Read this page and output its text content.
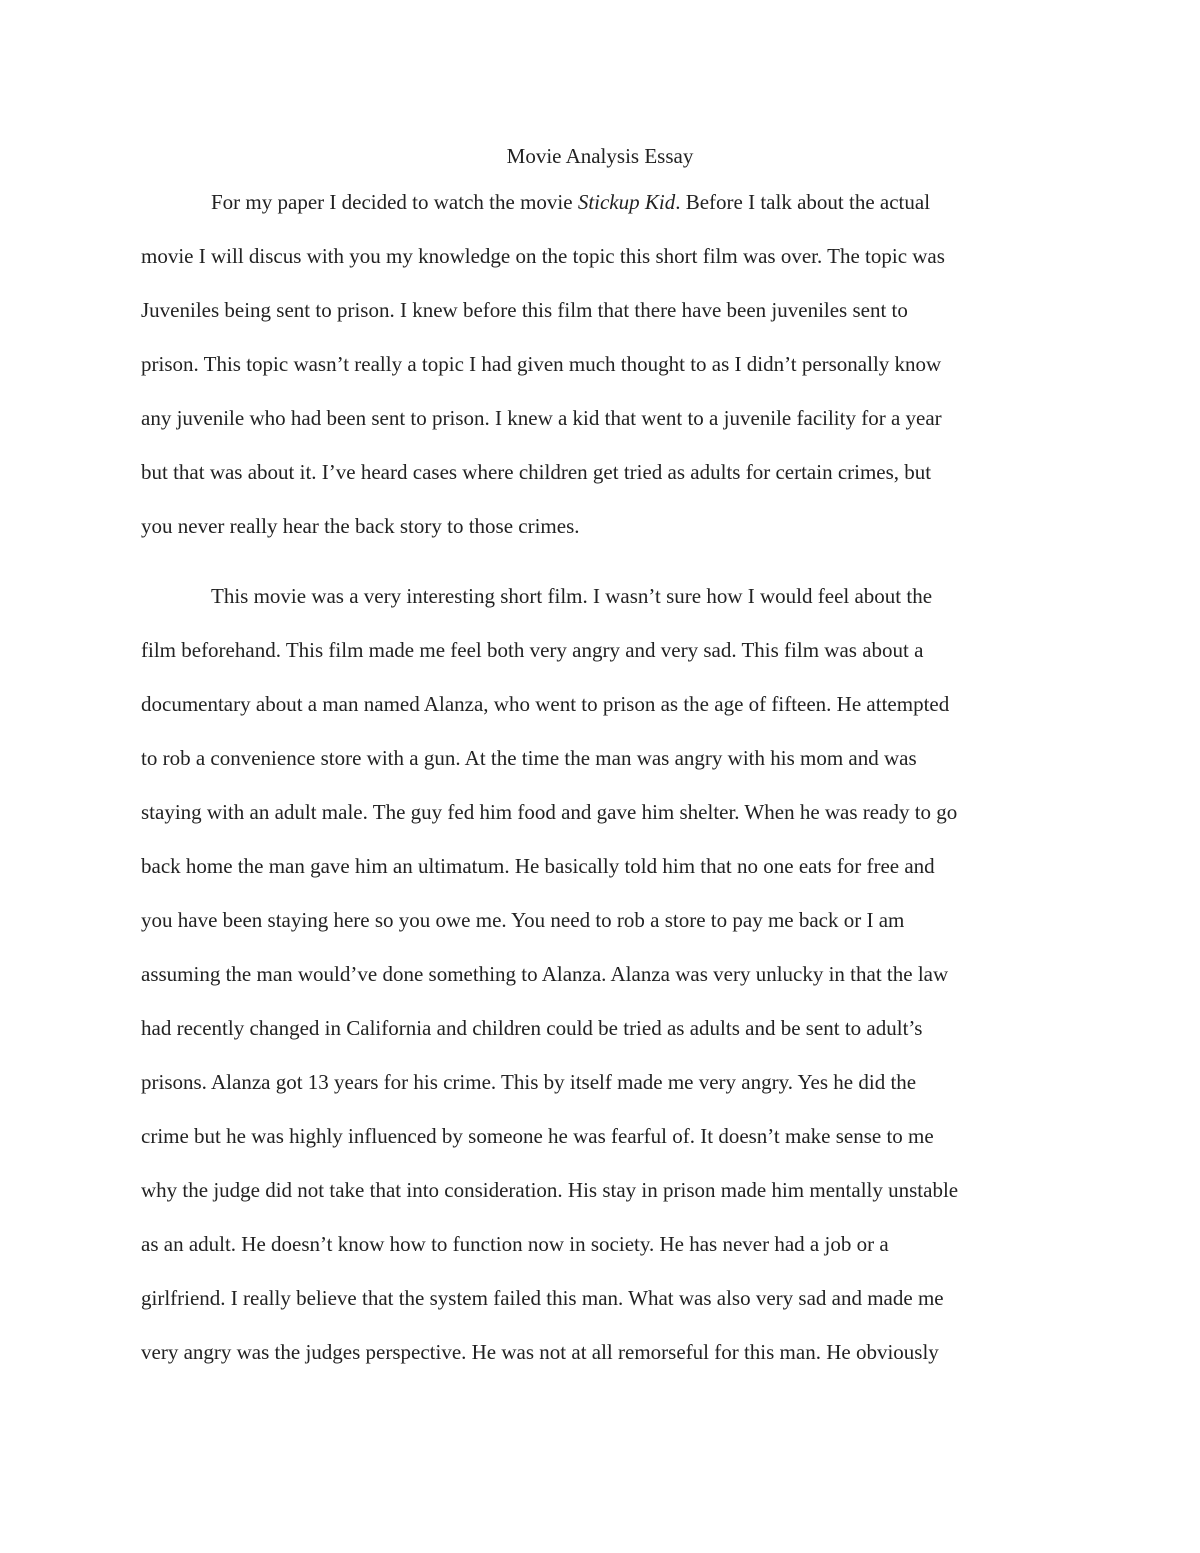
Movie Analysis Essay
For my paper I decided to watch the movie Stickup Kid. Before I talk about the actual
movie I will discus with you my knowledge on the topic this short film was over. The topic was
Juveniles being sent to prison. I knew before this film that there have been juveniles sent to
prison. This topic wasn’t really a topic I had given much thought to as I didn’t personally know
any juvenile who had been sent to prison. I knew a kid that went to a juvenile facility for a year
but that was about it. I’ve heard cases where children get tried as adults for certain crimes, but
you never really hear the back story to those crimes.
This movie was a very interesting short film. I wasn’t sure how I would feel about the
film beforehand. This film made me feel both very angry and very sad. This film was about a
documentary about a man named Alanza, who went to prison as the age of fifteen. He attempted
to rob a convenience store with a gun. At the time the man was angry with his mom and was
staying with an adult male. The guy fed him food and gave him shelter. When he was ready to go
back home the man gave him an ultimatum. He basically told him that no one eats for free and
you have been staying here so you owe me. You need to rob a store to pay me back or I am
assuming the man would’ve done something to Alanza. Alanza was very unlucky in that the law
had recently changed in California and children could be tried as adults and be sent to adult’s
prisons. Alanza got 13 years for his crime. This by itself made me very angry. Yes he did the
crime but he was highly influenced by someone he was fearful of. It doesn’t make sense to me
why the judge did not take that into consideration. His stay in prison made him mentally unstable
as an adult. He doesn’t know how to function now in society. He has never had a job or a
girlfriend. I really believe that the system failed this man. What was also very sad and made me
very angry was the judges perspective. He was not at all remorseful for this man. He obviously
